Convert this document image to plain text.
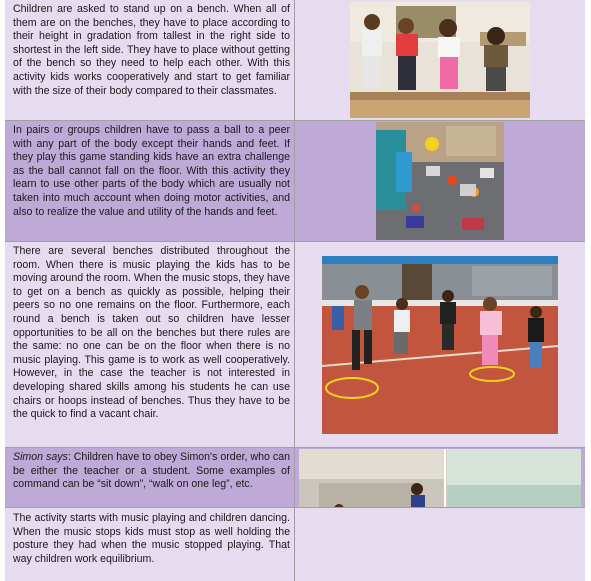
Children are asked to stand up on a bench. When all of them are on the benches, they have to place according to their height in gradation from tallest in the right side to shortest in the left side. They have to place without getting of the bench so they need to help each other. With this activity kids works cooperatively and start to get familiar with the size of their body compared to their classmates.
In pairs or groups children have to pass a ball to a peer with any part of the body except their hands and feet. If they play this game standing kids have an extra challenge as the ball cannot fall on the floor. With this activity they learn to use other parts of the body which are usually not taken into much account when doing motor activities, and also to realize the value and utility of the hands and feet.
There are several benches distributed throughout the room. When there is music playing the kids has to be moving around the room. When the music stops, they have to get on a bench as quickly as possible, helping their peers so no one remains on the floor. Furthermore, each round a bench is taken out so children have lesser opportunities to be all on the benches but there rules are the same: no one can be on the floor when there is no music playing. This game is to work as well cooperatively. However, in the case the teacher is not interested in developing shared skills among his students he can use chairs or hoops instead of benches. Thus they have to be the quick to find a vacant chair.
Simon says: Children have to obey Simon's order, who can be either the teacher or a student. Some examples of command can be “sit down”, “walk on one leg”, etc.
The activity starts with music playing and children dancing. When the music stops kids must stop as well holding the posture they had when the music stopped playing. That way children work equilibrium.
